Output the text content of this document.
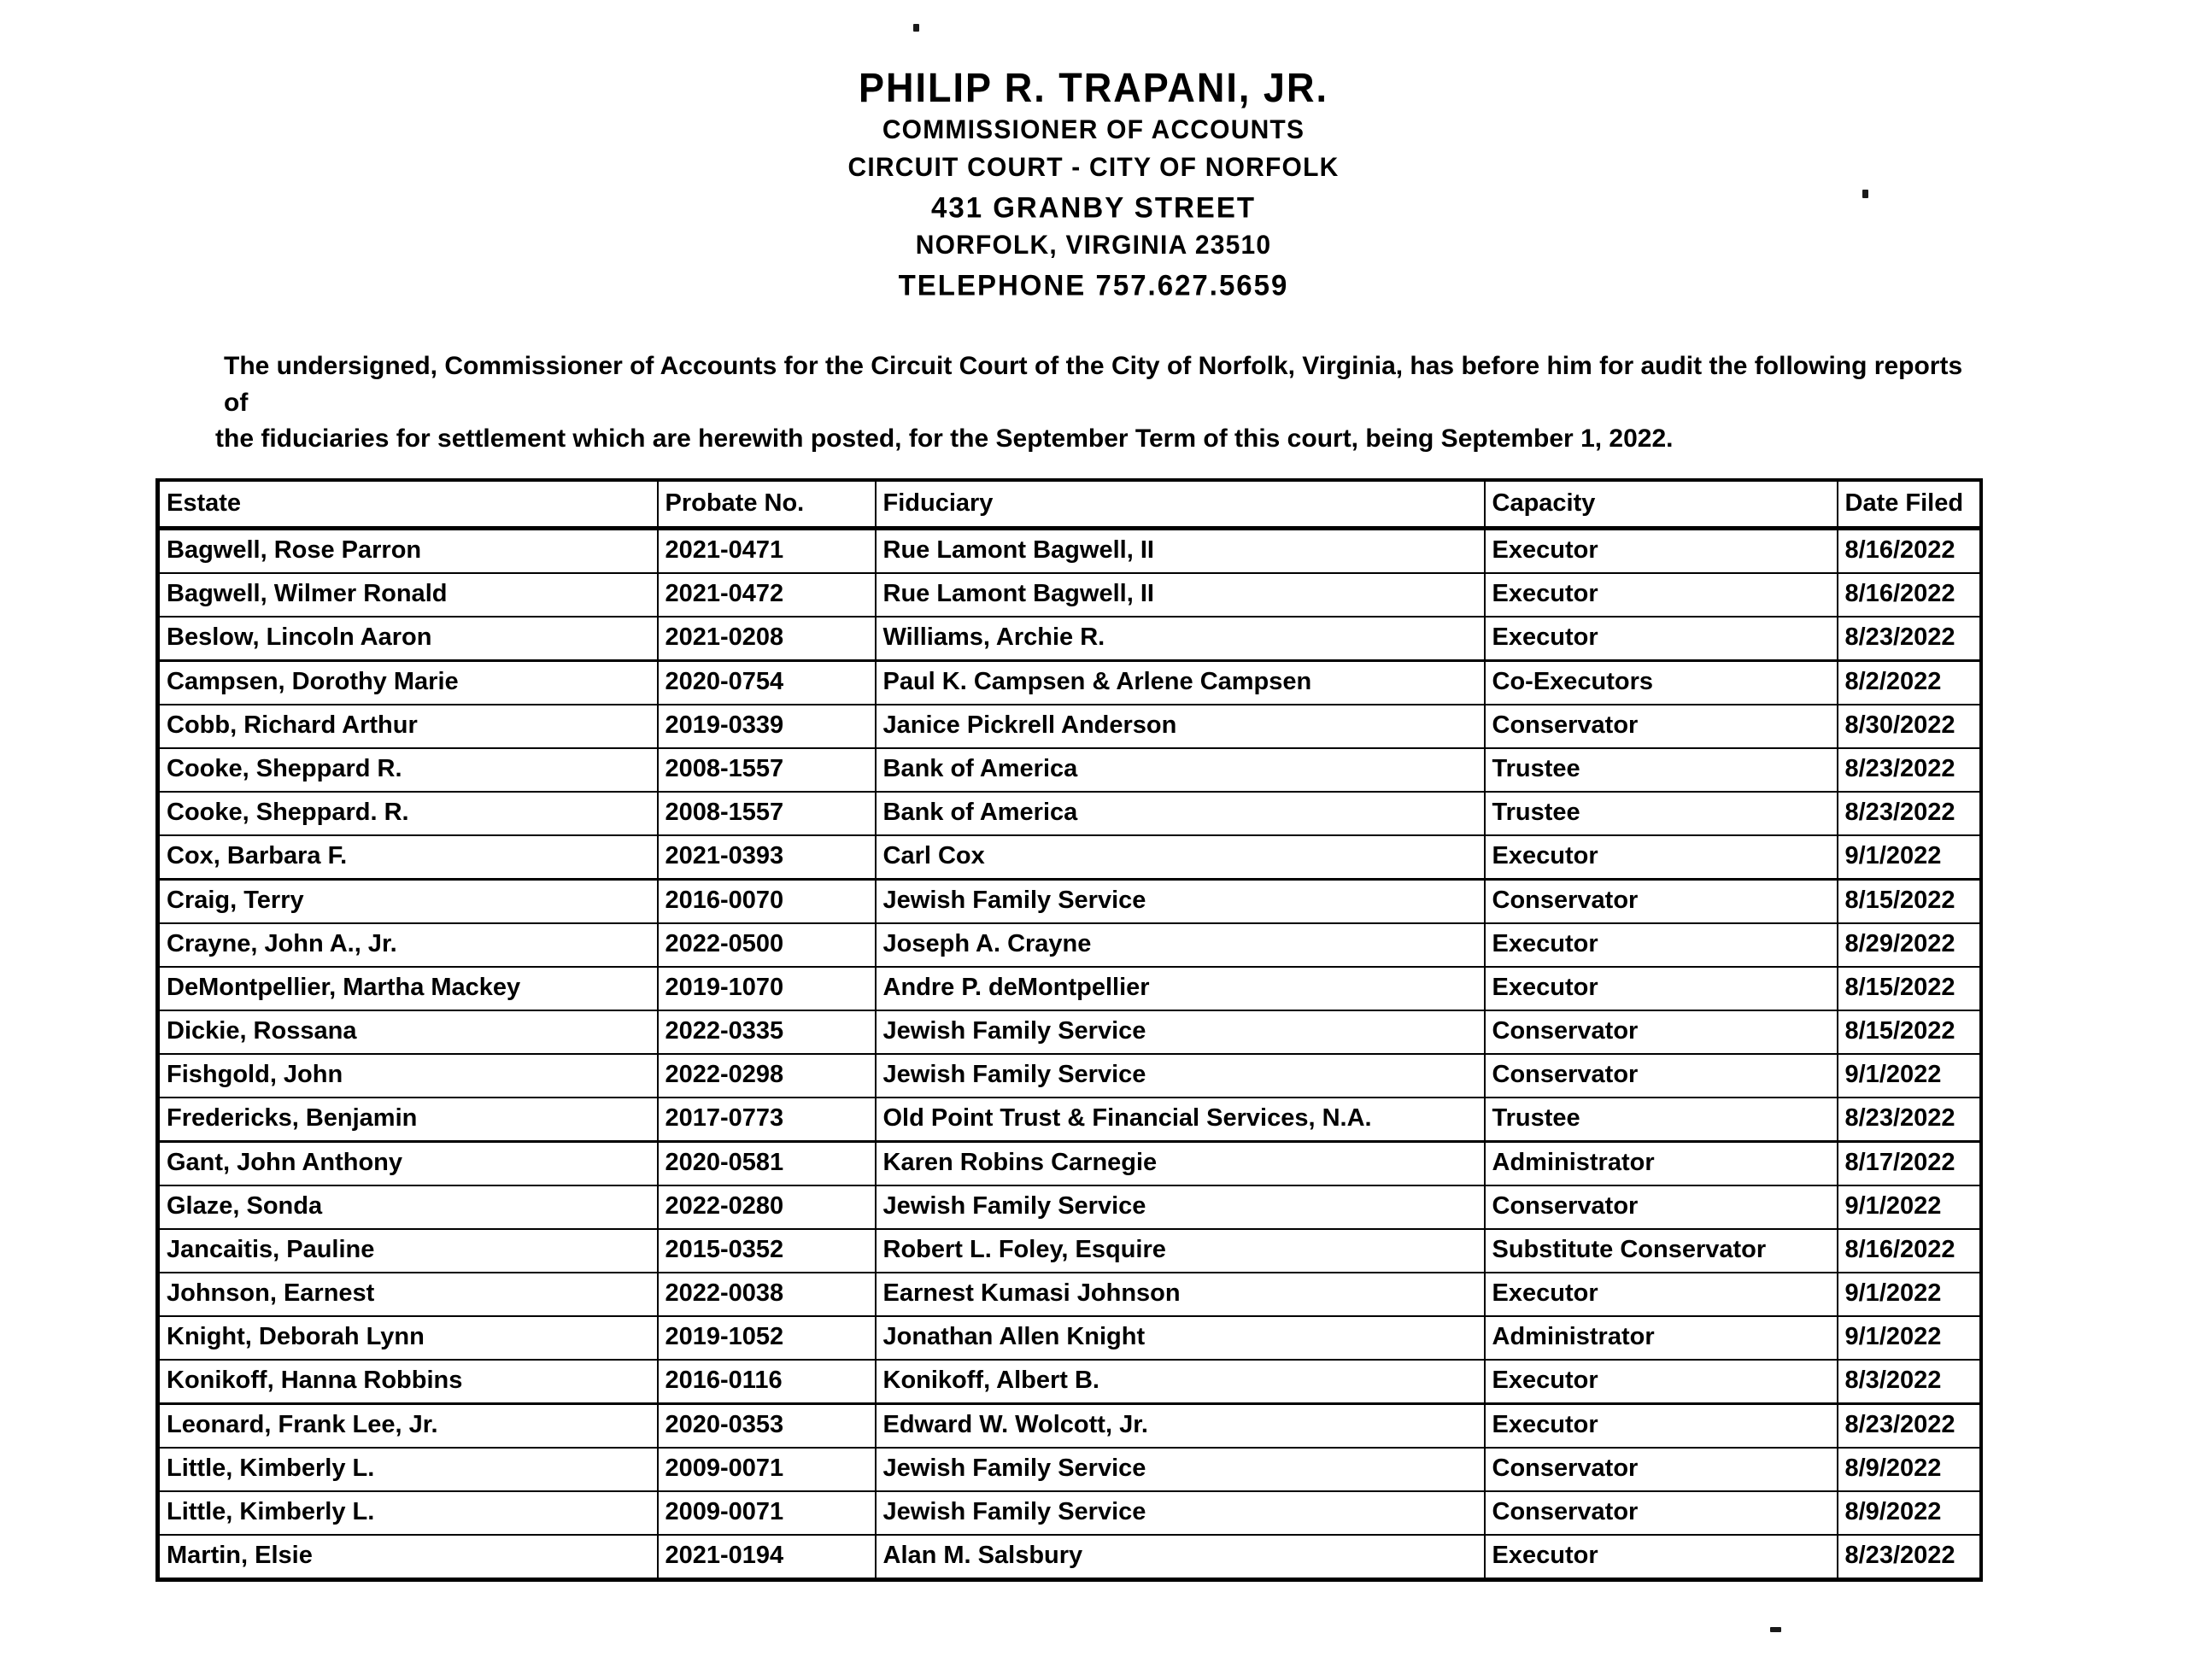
PHILIP R. TRAPANI, JR.
COMMISSIONER OF ACCOUNTS
CIRCUIT COURT - CITY OF NORFOLK
431 GRANBY STREET
NORFOLK, VIRGINIA 23510
TELEPHONE 757.627.5659

The undersigned, Commissioner of Accounts for the Circuit Court of the City of Norfolk, Virginia, has before him for audit the following reports of
the fiduciaries for settlement which are herewith posted, for the September Term of this court, being September 1, 2022.

Estate	Probate No.	Fiduciary	Capacity	Date Filed
Bagwell, Rose Parron	2021-0471	Rue Lamont Bagwell, II	Executor	8/16/2022
Bagwell, Wilmer Ronald	2021-0472	Rue Lamont Bagwell, II	Executor	8/16/2022
Beslow, Lincoln Aaron	2021-0208	Williams, Archie R.	Executor	8/23/2022
Campsen, Dorothy Marie	2020-0754	Paul K. Campsen & Arlene Campsen	Co-Executors	8/2/2022
Cobb, Richard Arthur	2019-0339	Janice Pickrell Anderson	Conservator	8/30/2022
Cooke, Sheppard R.	2008-1557	Bank of America	Trustee	8/23/2022
Cooke, Sheppard. R.	2008-1557	Bank of America	Trustee	8/23/2022
Cox, Barbara F.	2021-0393	Carl Cox	Executor	9/1/2022
Craig, Terry	2016-0070	Jewish Family Service	Conservator	8/15/2022
Crayne, John A., Jr.	2022-0500	Joseph A. Crayne	Executor	8/29/2022
DeMontpellier, Martha Mackey	2019-1070	Andre P. deMontpellier	Executor	8/15/2022
Dickie, Rossana	2022-0335	Jewish Family Service	Conservator	8/15/2022
Fishgold, John	2022-0298	Jewish Family Service	Conservator	9/1/2022
Fredericks, Benjamin	2017-0773	Old Point Trust & Financial Services, N.A.	Trustee	8/23/2022
Gant, John Anthony	2020-0581	Karen Robins Carnegie	Administrator	8/17/2022
Glaze, Sonda	2022-0280	Jewish Family Service	Conservator	9/1/2022
Jancaitis, Pauline	2015-0352	Robert L. Foley, Esquire	Substitute Conservator	8/16/2022
Johnson, Earnest	2022-0038	Earnest Kumasi Johnson	Executor	9/1/2022
Knight, Deborah Lynn	2019-1052	Jonathan Allen Knight	Administrator	9/1/2022
Konikoff, Hanna Robbins	2016-0116	Konikoff, Albert B.	Executor	8/3/2022
Leonard, Frank Lee, Jr.	2020-0353	Edward W. Wolcott, Jr.	Executor	8/23/2022
Little, Kimberly L.	2009-0071	Jewish Family Service	Conservator	8/9/2022
Little, Kimberly L.	2009-0071	Jewish Family Service	Conservator	8/9/2022
Martin, Elsie	2021-0194	Alan M. Salsbury	Executor	8/23/2022
